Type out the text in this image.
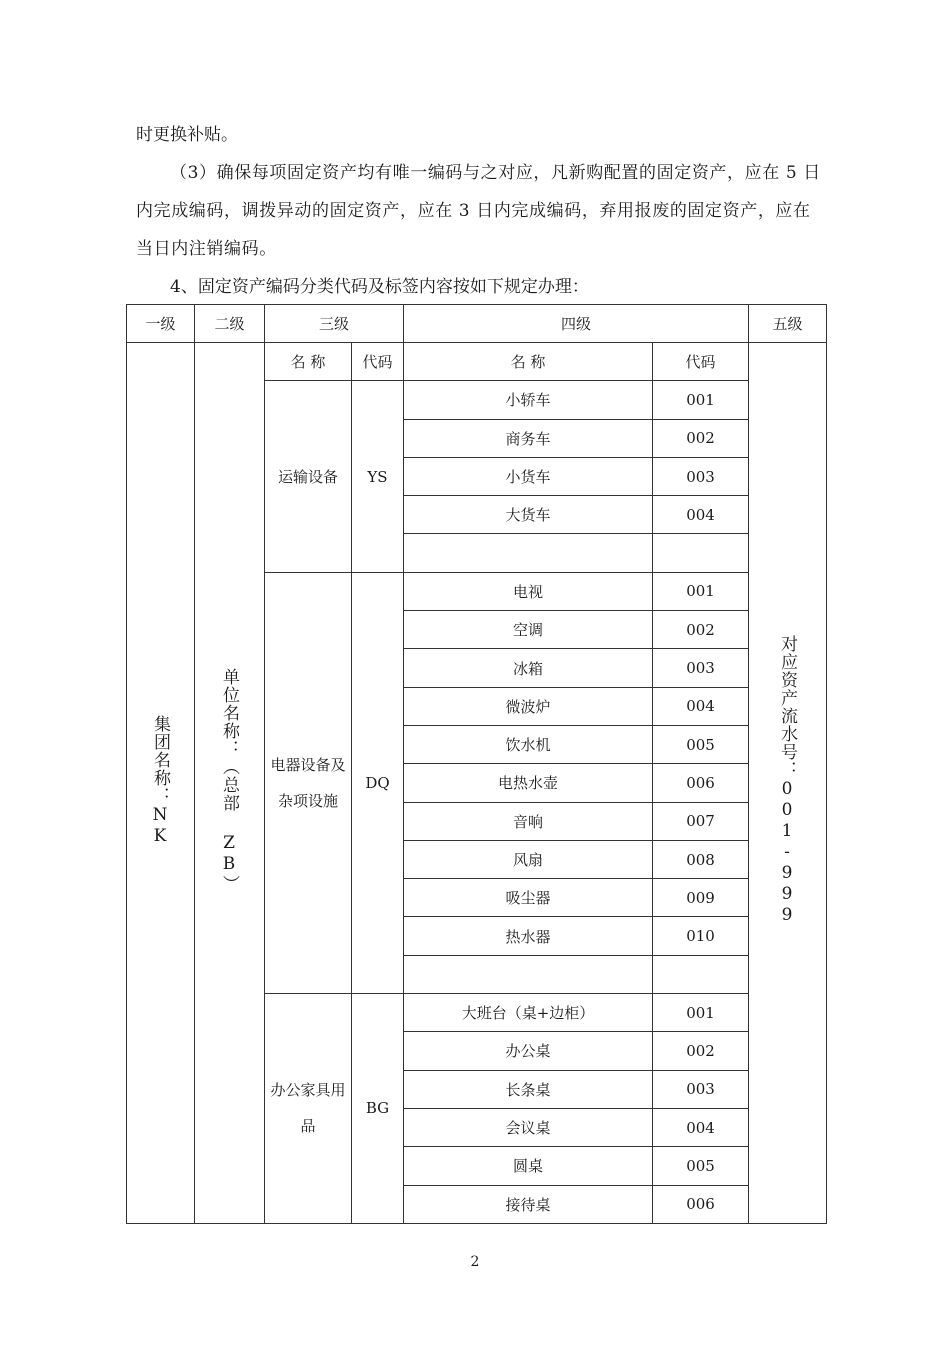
时更换补贴。

（3）确保每项固定资产均有唯一编码与之对应，凡新购配置的固定资产，应在 5 日内完成编码，调拨异动的固定资产，应在 3 日内完成编码，弃用报废的固定资产，应在当日内注销编码。

4、固定资产编码分类代码及标签内容按如下规定办理：

一级	二级	三级		四级		五级
集团名称：NK	单位名称：（总部 ZB）	名 称	代码	名 称	代码	对应资产流水号：001-999
		运输设备	YS	小轿车	001	
				商务车	002	
				小货车	003	
				大货车	004	

		电器设备及杂项设施	DQ	电视	001	
				空调	002	
				冰箱	003	
				微波炉	004	
				饮水机	005	
				电热水壶	006	
				音响	007	
				风扇	008	
				吸尘器	009	
				热水器	010	

		办公家具用品	BG	大班台（桌+边柜）	001	
				办公桌	002	
				长条桌	003	
				会议桌	004	
				圆桌	005	
				接待桌	006	
2
